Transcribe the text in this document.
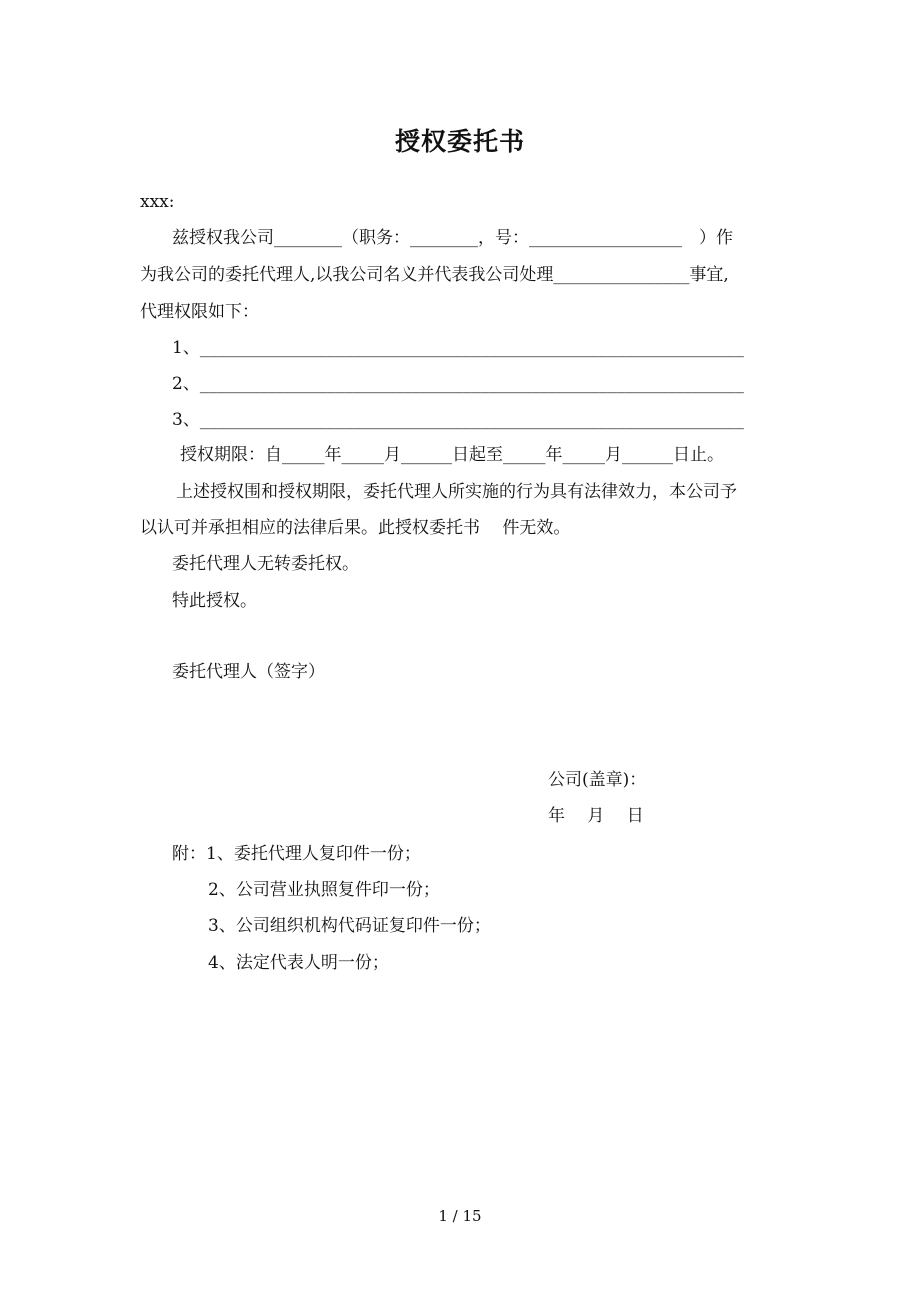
授权委托书
xxx:
兹授权我公司________（职务：________，号：__________________　）作
为我公司的委托代理人,以我公司名义并代表我公司处理________________事宜,
代理权限如下：
1、________________________________________________________________
2、________________________________________________________________
3、________________________________________________________________
授权期限：自_____年_____月______日起至_____年_____月______日止。
上述授权围和授权期限，委托代理人所实施的行为具有法律效力，本公司予
以认可并承担相应的法律后果。此授权委托书　 件无效。
委托代理人无转委托权。
特此授权。
委托代理人（签字）
公司(盖章)：
年　 月　 日
附：1、委托代理人复印件一份；
2、公司营业执照复件印一份；
3、公司组织机构代码证复印件一份；
4、法定代表人明一份；
1 / 15
